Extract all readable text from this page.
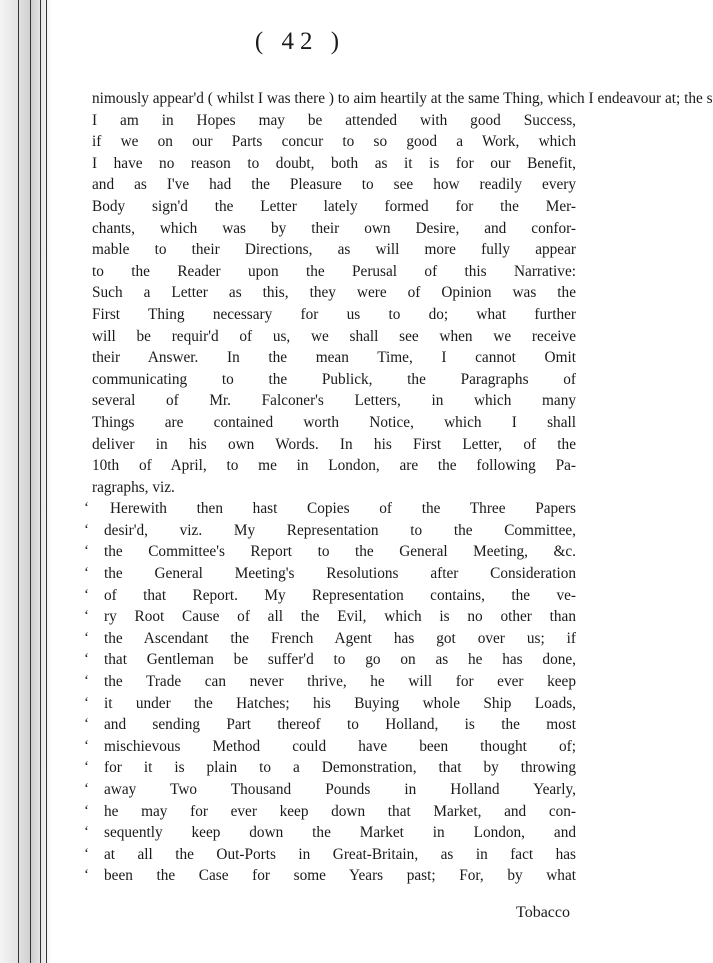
( 42 )
nimously appear'd ( whilst I was there ) to aim heartily at the same Thing, which I endeavour at; the s
I am in Hopes may be attended with good Success,
if we on our Parts concur to so good a Work, which
I have no reason to doubt, both as it is for our Benefit,
and as I've had the Pleasure to see how readily every
Body sign'd the Letter lately formed for the Mer-
chants, which was by their own Desire, and confor-
mable to their Directions, as will more fully appear
to the Reader upon the Perusal of this Narrative:
Such a Letter as this, they were of Opinion was the
First Thing necessary for us to do; what further
will be requir'd of us, we shall see when we receive
their Answer. In the mean Time, I cannot Omit
communicating to the Publick, the Paragraphs of
several of Mr. Falconer's Letters, in which many
Things are contained worth Notice, which I shall
deliver in his own Words. In his First Letter, of the
10th of April, to me in London, are the following Pa-
ragraphs, viz.
‘ Herewith then hast Copies of the Three Papers
‘ desir'd, viz. My Representation to the Committee,
‘ the Committee's Report to the General Meeting, &c.
‘ the General Meeting's Resolutions after Consideration
‘ of that Report. My Representation contains, the ve-
‘ ry Root Cause of all the Evil, which is no other than
‘ the Ascendant the French Agent has got over us; if
‘ that Gentleman be suffer'd to go on as he has done,
‘ the Trade can never thrive, he will for ever keep
‘ it under the Hatches; his Buying whole Ship Loads,
‘ and sending Part thereof to Holland, is the most
‘ mischievous Method could have been thought of;
‘ for it is plain to a Demonstration, that by throwing
‘ away Two Thousand Pounds in Holland Yearly,
‘ he may for ever keep down that Market, and con-
‘ sequently keep down the Market in London, and
‘ at all the Out-Ports in Great-Britain, as in fact has
‘ been the Case for some Years past; For, by what
Tobacco
